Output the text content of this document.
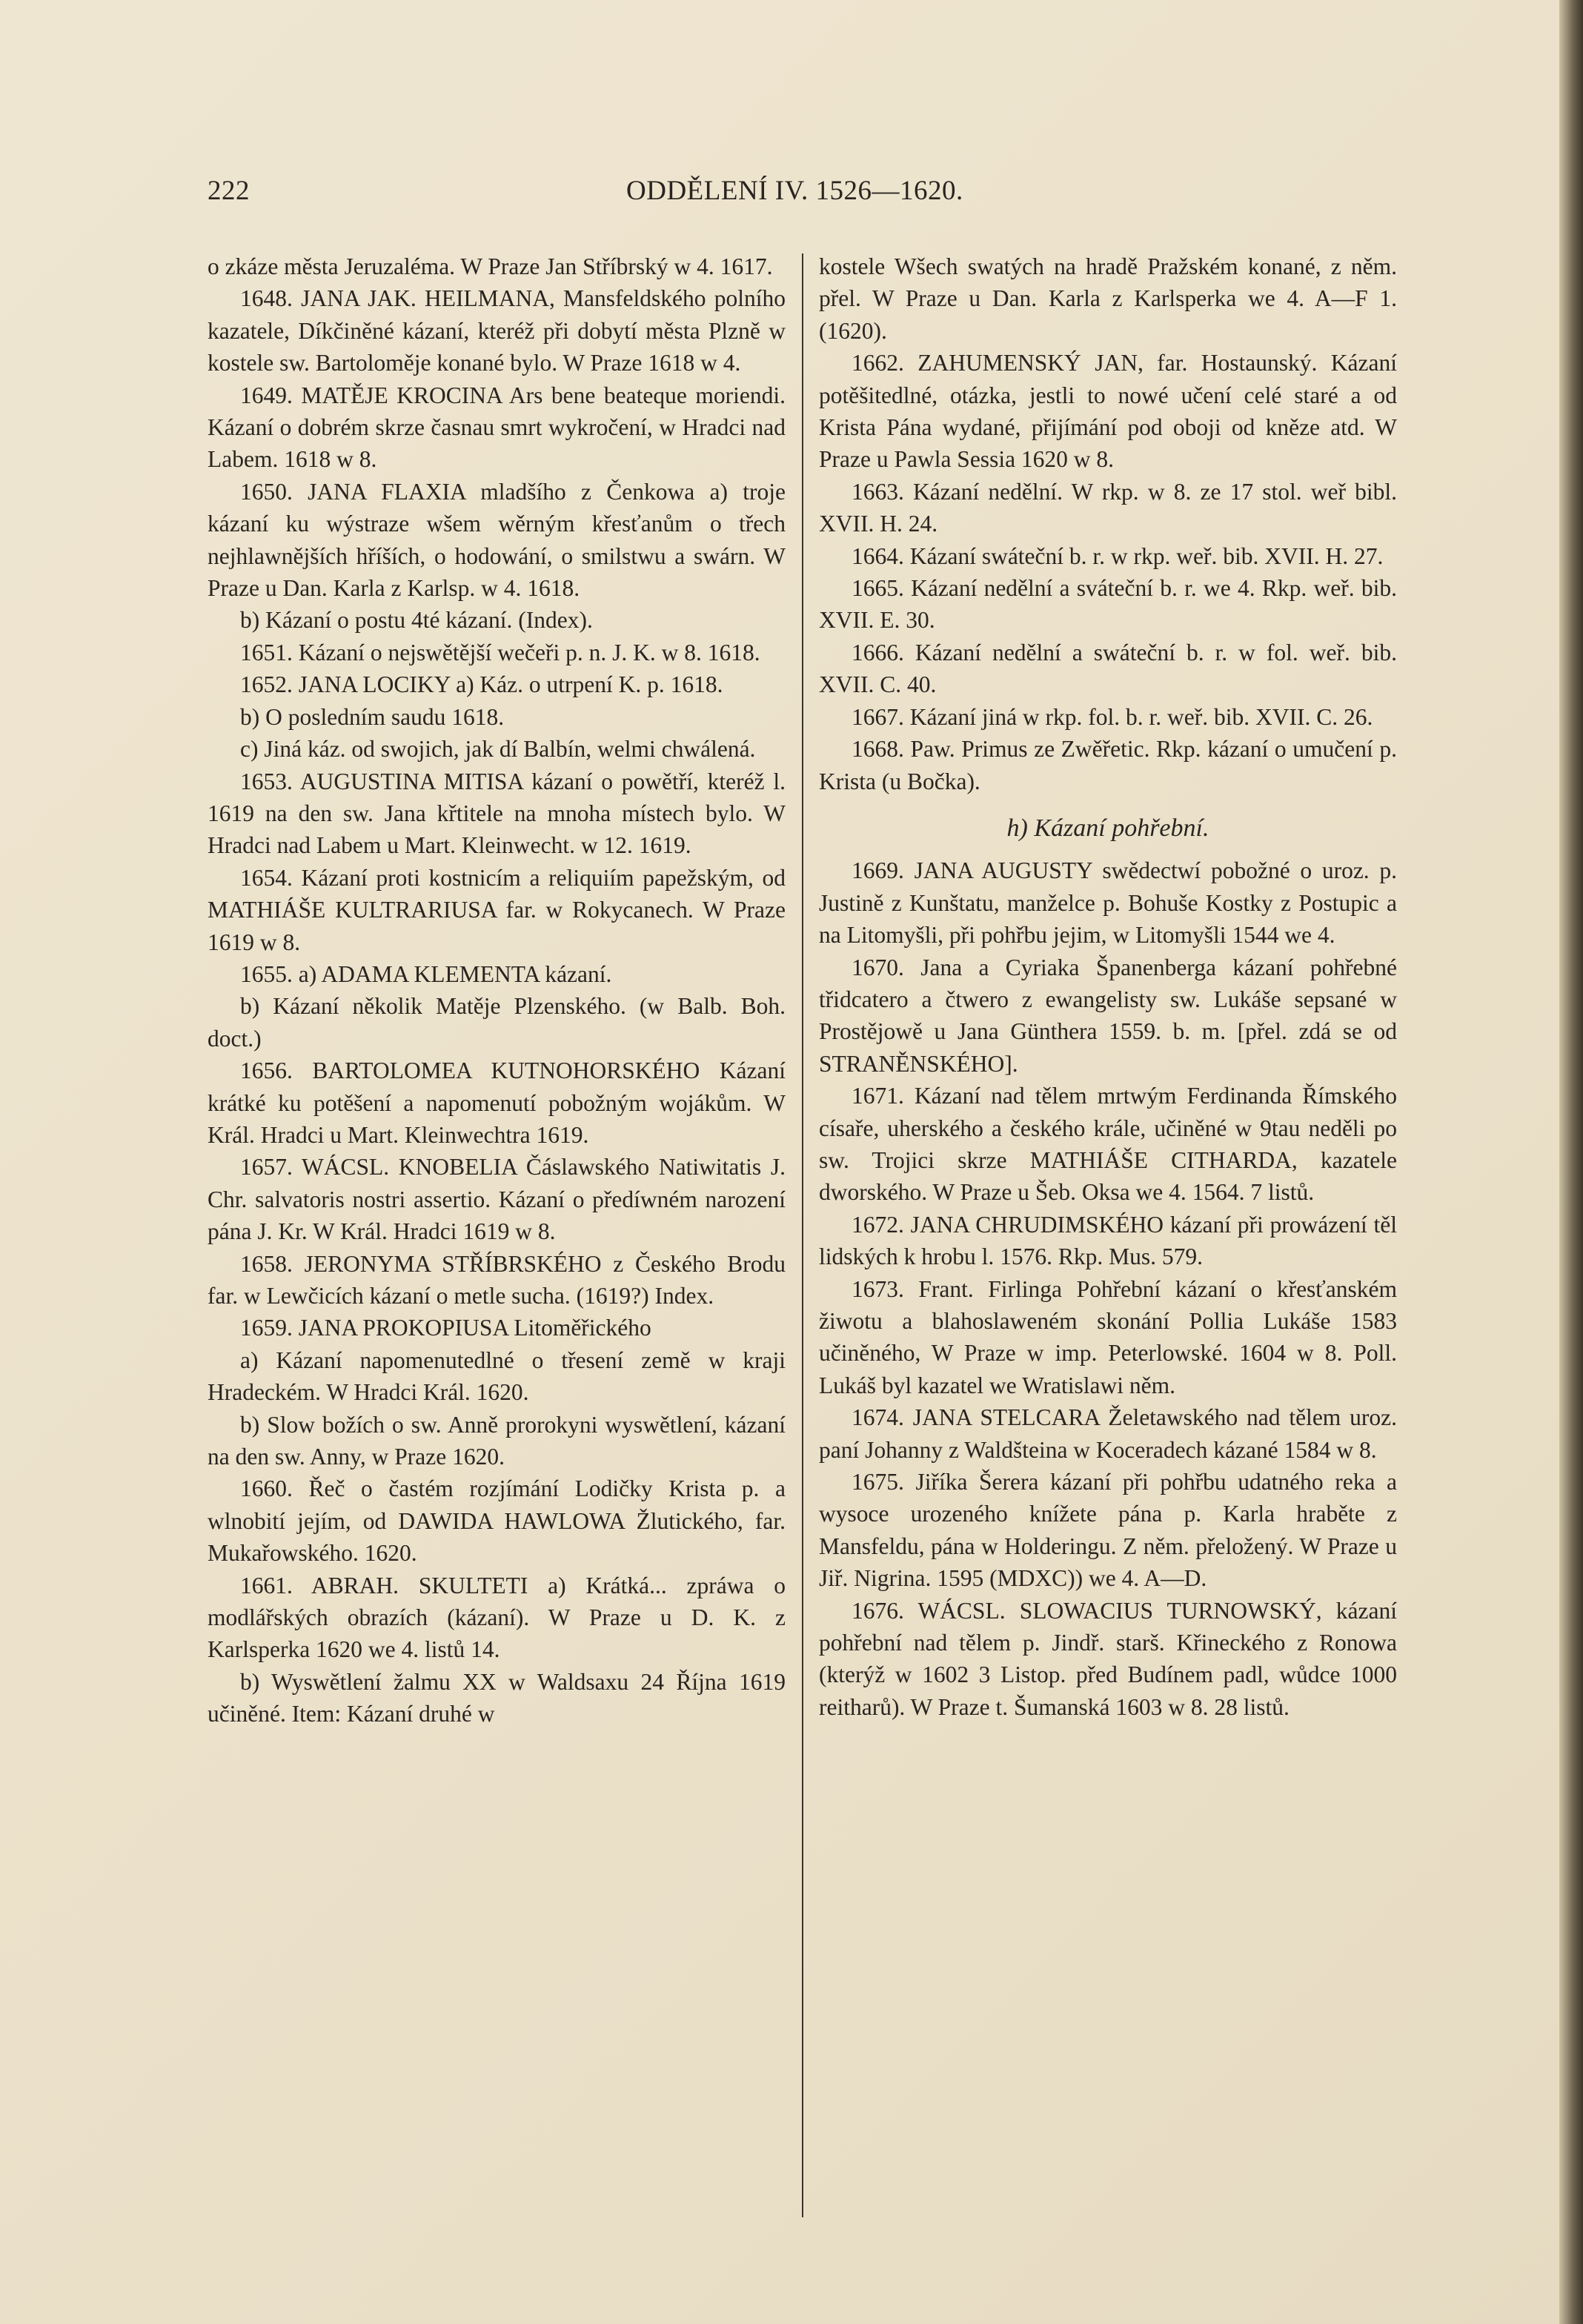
222	ODDĚLENÍ IV. 1526—1620.

o zkáze města Jeruzaléma. W Praze Jan Stříbrský w 4. 1617.

1648. JANA JAK. HEILMANA, Mansfeldského polního kazatele, Díkčiněné kázaní, kteréž při dobytí města Plzně w kostele sw. Bartoloměje konané bylo. W Praze 1618 w 4.

1649. MATĚJE KROCINA Ars bene beateque moriendi. Kázaní o dobrém skrze časnau smrt wykročení, w Hradci nad Labem. 1618 w 8.

1650. JANA FLAXIA mladšího z Čenkowa a) troje kázaní ku wýstraze wšem wěrným křesťanům o třech nejhlawnějších hříších, o hodowání, o smilstwu a swárn. W Praze u Dan. Karla z Karlsp. w 4. 1618.

b) Kázaní o postu 4té kázaní. (Index).

1651. Kázaní o nejswětější wečeři p. n. J. K. w 8. 1618.

1652. JANA LOCIKY a) Káz. o utrpení K. p. 1618.

b) O posledním saudu 1618.

c) Jiná káz. od swojich, jak dí Balbín, welmi chwálená.

1653. AUGUSTINA MITISA kázaní o powětří, kteréž l. 1619 na den sw. Jana křtitele na mnoha místech bylo. W Hradci nad Labem u Mart. Kleinwecht. w 12. 1619.

1654. Kázaní proti kostnicím a reliquiím papežským, od MATHIÁŠE KULTRARIUSA far. w Rokycanech. W Praze 1619 w 8.

1655. a) ADAMA KLEMENTA kázaní.

b) Kázaní několik Matěje Plzenského. (w Balb. Boh. doct.)

1656. BARTOLOMEA KUTNOHORSKÉHO Kázaní krátké ku potěšení a napomenutí pobožným wojákům. W Král. Hradci u Mart. Kleinwechtra 1619.

1657. WÁCSL. KNOBELIA Čáslawského Natiwitatis J. Chr. salvatoris nostri assertio. Kázaní o předíwném narození pána J. Kr. W Král. Hradci 1619 w 8.

1658. JERONYMA STŘÍBRSKÉHO z Českého Brodu far. w Lewčicích kázaní o metle sucha. (1619?) Index.

1659. JANA PROKOPIUSA Litoměřického

a) Kázaní napomenutedlné o třesení země w kraji Hradeckém. W Hradci Král. 1620.

b) Slow božích o sw. Anně prorokyni wyswětlení, kázaní na den sw. Anny, w Praze 1620.

1660. Řeč o častém rozjímání Lodičky Krista p. a wlnobití jejím, od DAWIDA HAWLOWA Žlutického, far. Mukařowského. 1620.

1661. ABRAH. SKULTETI a) Krátká... zpráwa o modlářských obrazích (kázaní). W Praze u D. K. z Karlsperka 1620 we 4. listů 14.

b) Wyswětlení žalmu XX w Waldsaxu 24 Října 1619 učiněné. Item: Kázaní druhé w

kostele Wšech swatých na hradě Pražském konané, z něm. přel. W Praze u Dan. Karla z Karlsperka we 4. A—F 1. (1620).

1662. ZAHUMENSKÝ JAN, far. Hostaunský. Kázaní potěšitedlné, otázka, jestli to nowé učení celé staré a od Krista Pána wydané, přijímání pod oboji od kněze atd. W Praze u Pawla Sessia 1620 w 8.

1663. Kázaní nedělní. W rkp. w 8. ze 17 stol. weř bibl. XVII. H. 24.

1664. Kázaní swáteční b. r. w rkp. weř. bib. XVII. H. 27.

1665. Kázaní nedělní a sváteční b. r. we 4. Rkp. weř. bib. XVII. E. 30.

1666. Kázaní nedělní a swáteční b. r. w fol. weř. bib. XVII. C. 40.

1667. Kázaní jiná w rkp. fol. b. r. weř. bib. XVII. C. 26.

1668. Paw. Primus ze Zwěřetic. Rkp. kázaní o umučení p. Krista (u Bočka).

h) Kázaní pohřební.

1669. JANA AUGUSTY swědectwí pobožné o uroz. p. Justině z Kunštatu, manželce p. Bohuše Kostky z Postupic a na Litomyšli, při pohřbu jejim, w Litomyšli 1544 we 4.

1670. Jana a Cyriaka Španenberga kázaní pohřebné třidcatero a čtwero z ewangelisty sw. Lukáše sepsané w Prostějowě u Jana Günthera 1559. b. m. [přel. zdá se od STRANĚNSKÉHO].

1671. Kázaní nad tělem mrtwým Ferdinanda Římského císaře, uherského a českého krále, učiněné w 9tau neděli po sw. Trojici skrze MATHIÁŠE CITHARDA, kazatele dworského. W Praze u Šeb. Oksa we 4. 1564. 7 listů.

1672. JANA CHRUDIMSKÉHO kázaní při prowázení těl lidských k hrobu l. 1576. Rkp. Mus. 579.

1673. Frant. Firlinga Pohřební kázaní o křesťanském žiwotu a blahoslaweném skonání Pollia Lukáše 1583 učiněného, W Praze w imp. Peterlowské. 1604 w 8. Poll. Lukáš byl kazatel we Wratislawi něm.

1674. JANA STELCARA Želetawského nad tělem uroz. paní Johanny z Waldšteina w Koceradech kázané 1584 w 8.

1675. Jiříka Šerera kázaní při pohřbu udatného reka a wysoce urozeného knížete pána p. Karla hraběte z Mansfeldu, pána w Holderingu. Z něm. přeložený. W Praze u Jiř. Nigrina. 1595 (MDXC)) we 4. A—D.

1676. WÁCSL. SLOWACIUS TURNOWSKÝ, kázaní pohřební nad tělem p. Jindř. starš. Křineckého z Ronowa (kterýž w 1602 3 Listop. před Budínem padl, wůdce 1000 reitharů). W Praze t. Šumanská 1603 w 8. 28 listů.
